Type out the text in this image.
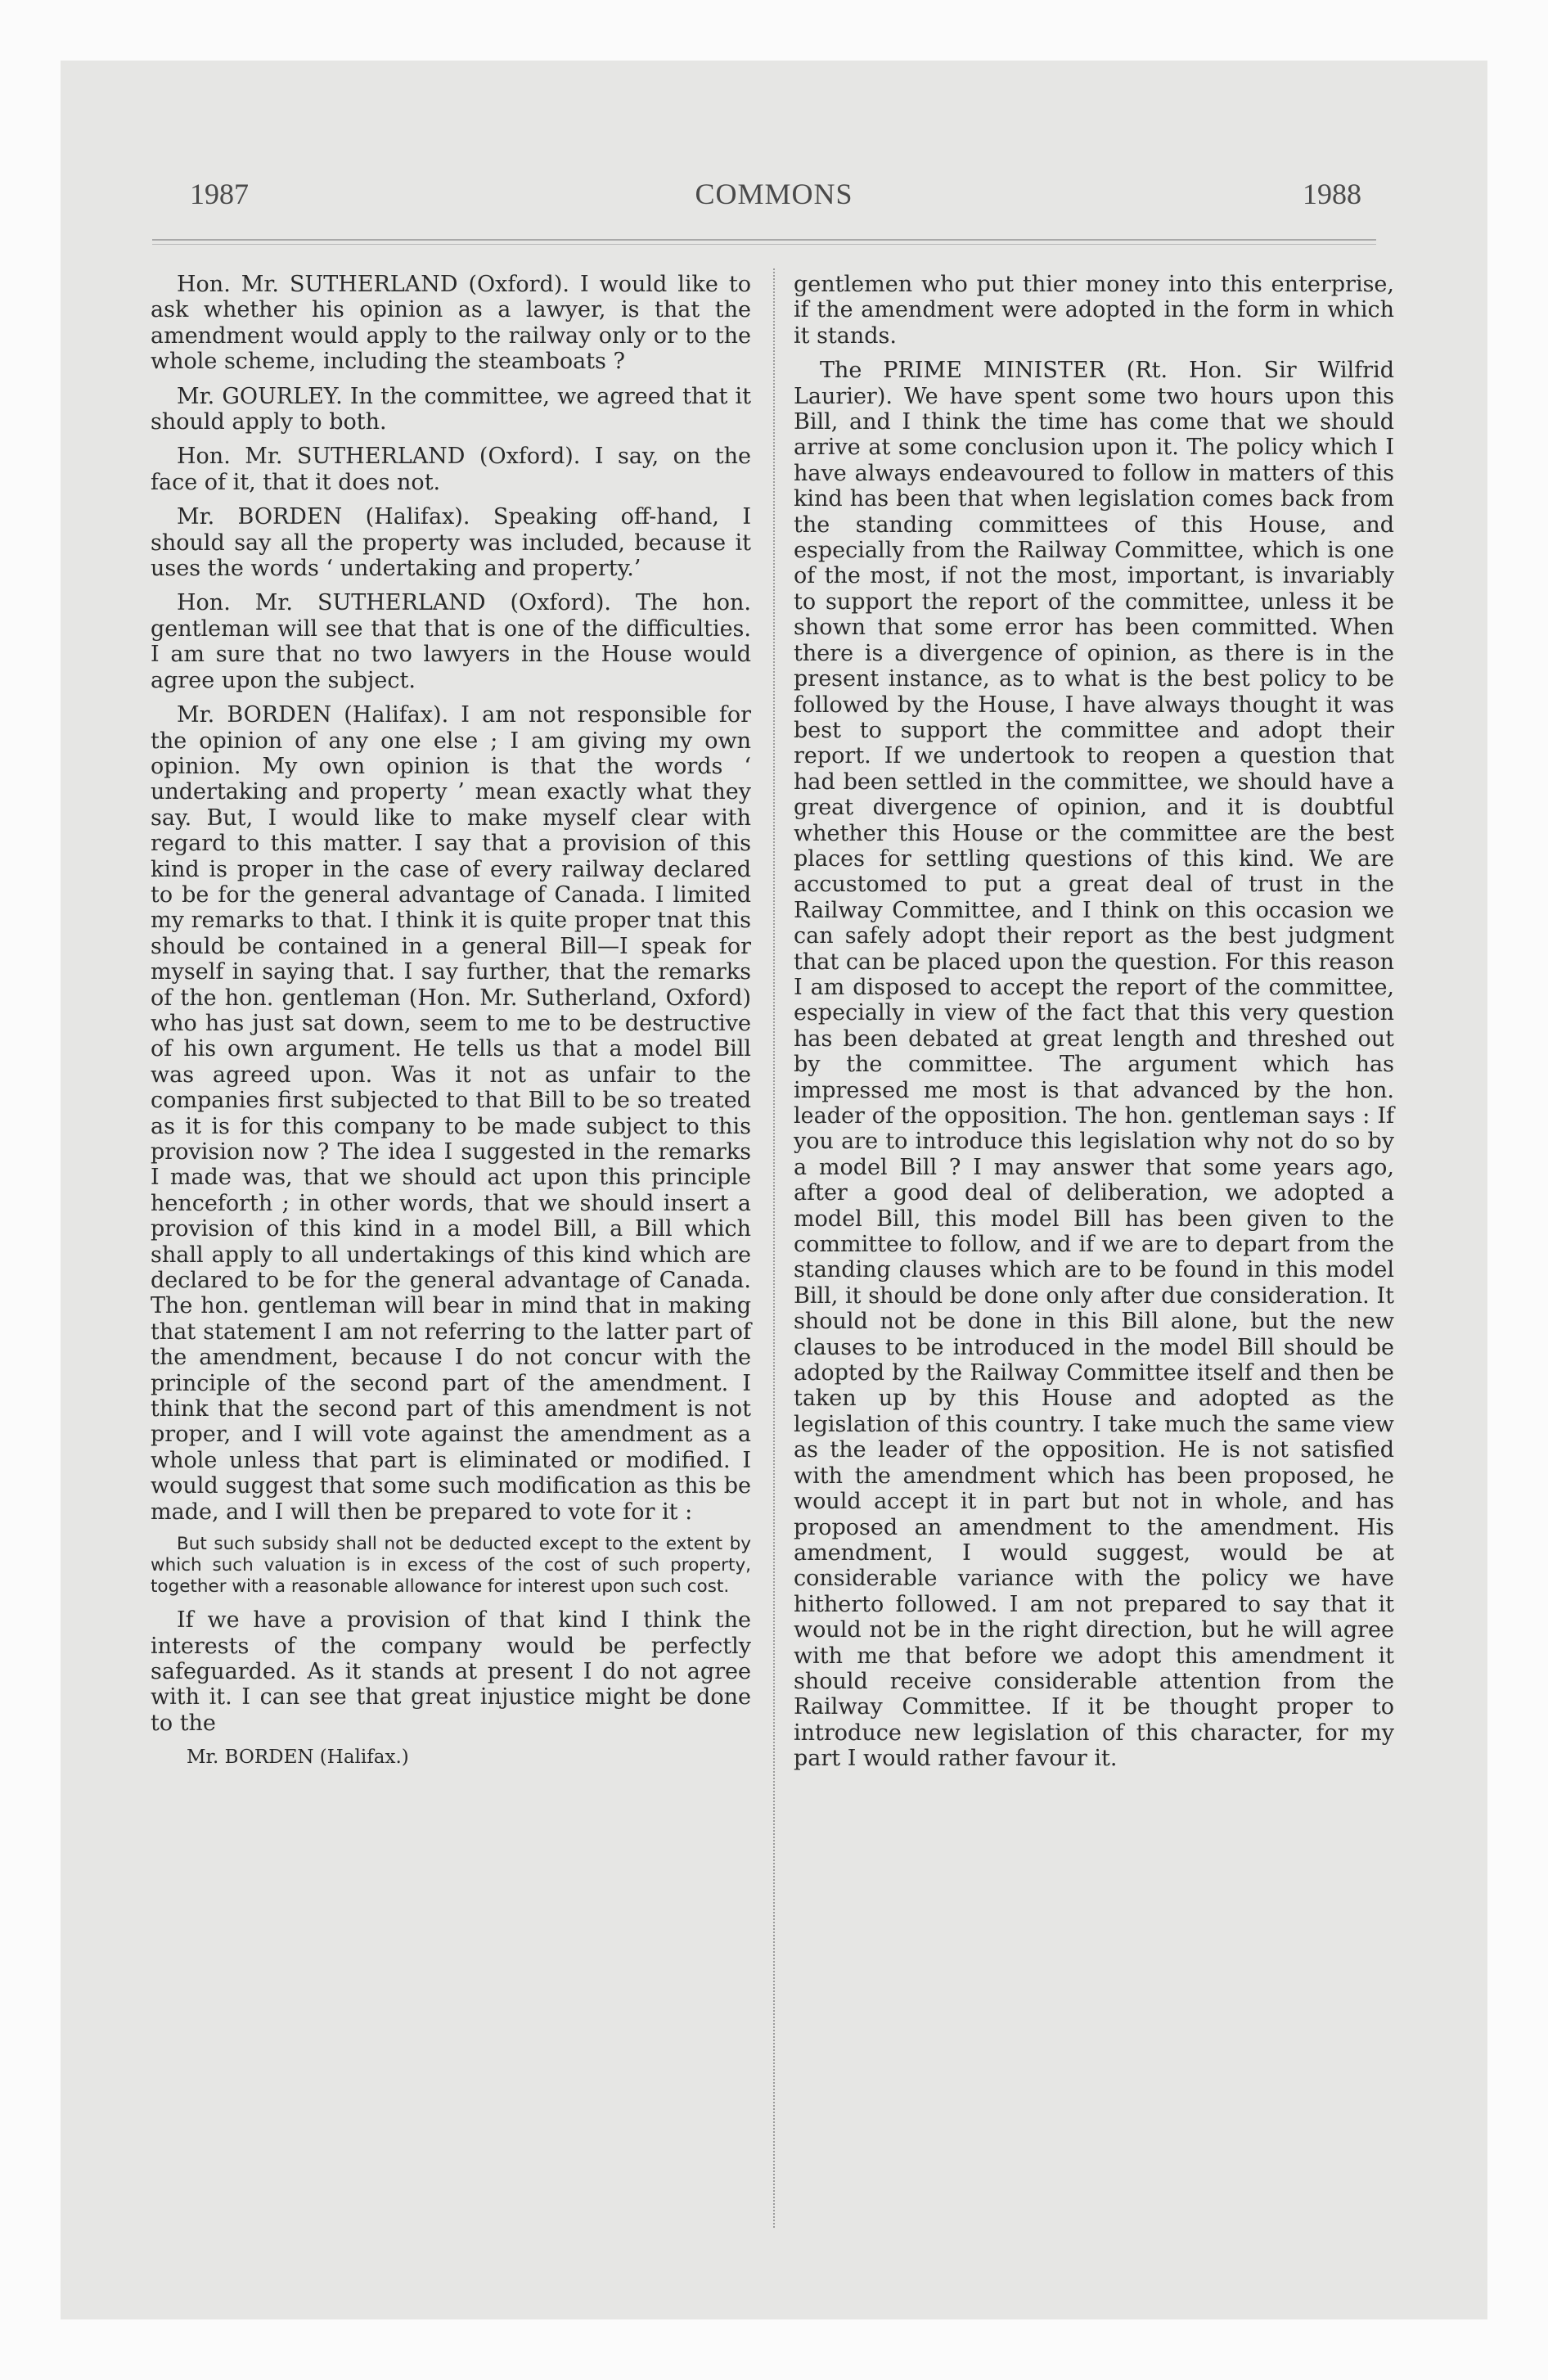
1987	COMMONS	1988

Hon. Mr. SUTHERLAND (Oxford). I would like to ask whether his opinion as a lawyer, is that the amendment would apply to the railway only or to the whole scheme, including the steamboats ?

Mr. GOURLEY. In the committee, we agreed that it should apply to both.

Hon. Mr. SUTHERLAND (Oxford). I say, on the face of it, that it does not.

Mr. BORDEN (Halifax). Speaking off-hand, I should say all the property was included, because it uses the words ‘ undertaking and property.’

Hon. Mr. SUTHERLAND (Oxford). The hon. gentleman will see that that is one of the difficulties. I am sure that no two lawyers in the House would agree upon the subject.

Mr. BORDEN (Halifax). I am not responsible for the opinion of any one else ; I am giving my own opinion. My own opinion is that the words ‘ undertaking and property ’ mean exactly what they say. But, I would like to make myself clear with regard to this matter. I say that a provision of this kind is proper in the case of every railway declared to be for the general advantage of Canada. I limited my remarks to that. I think it is quite proper tnat this should be contained in a general Bill—I speak for myself in saying that. I say further, that the remarks of the hon. gentleman (Hon. Mr. Sutherland, Oxford) who has just sat down, seem to me to be destructive of his own argument. He tells us that a model Bill was agreed upon. Was it not as unfair to the companies first subjected to that Bill to be so treated as it is for this company to be made subject to this provision now ? The idea I suggested in the remarks I made was, that we should act upon this principle henceforth ; in other words, that we should insert a provision of this kind in a model Bill, a Bill which shall apply to all undertakings of this kind which are declared to be for the general advantage of Canada. The hon. gentleman will bear in mind that in making that statement I am not referring to the latter part of the amendment, because I do not concur with the principle of the second part of the amendment. I think that the second part of this amendment is not proper, and I will vote against the amendment as a whole unless that part is eliminated or modified. I would suggest that some such modification as this be made, and I will then be prepared to vote for it :

But such subsidy shall not be deducted except to the extent by which such valuation is in excess of the cost of such property, together with a reasonable allowance for interest upon such cost.

If we have a provision of that kind I think the interests of the company would be perfectly safeguarded. As it stands at present I do not agree with it. I can see that great injustice might be done to the

Mr. BORDEN (Halifax.)

gentlemen who put thier money into this enterprise, if the amendment were adopted in the form in which it stands.

The PRIME MINISTER (Rt. Hon. Sir Wilfrid Laurier). We have spent some two hours upon this Bill, and I think the time has come that we should arrive at some conclusion upon it. The policy which I have always endeavoured to follow in matters of this kind has been that when legislation comes back from the standing committees of this House, and especially from the Railway Committee, which is one of the most, if not the most, important, is invariably to support the report of the committee, unless it be shown that some error has been committed. When there is a divergence of opinion, as there is in the present instance, as to what is the best policy to be followed by the House, I have always thought it was best to support the committee and adopt their report. If we undertook to reopen a question that had been settled in the committee, we should have a great divergence of opinion, and it is doubtful whether this House or the committee are the best places for settling questions of this kind. We are accustomed to put a great deal of trust in the Railway Committee, and I think on this occasion we can safely adopt their report as the best judgment that can be placed upon the question. For this reason I am disposed to accept the report of the committee, especially in view of the fact that this very question has been debated at great length and threshed out by the committee. The argument which has impressed me most is that advanced by the hon. leader of the opposition. The hon. gentleman says : If you are to introduce this legislation why not do so by a model Bill ? I may answer that some years ago, after a good deal of deliberation, we adopted a model Bill, this model Bill has been given to the committee to follow, and if we are to depart from the standing clauses which are to be found in this model Bill, it should be done only after due consideration. It should not be done in this Bill alone, but the new clauses to be introduced in the model Bill should be adopted by the Railway Committee itself and then be taken up by this House and adopted as the legislation of this country. I take much the same view as the leader of the opposition. He is not satisfied with the amendment which has been proposed, he would accept it in part but not in whole, and has proposed an amendment to the amendment. His amendment, I would suggest, would be at considerable variance with the policy we have hitherto followed. I am not prepared to say that it would not be in the right direction, but he will agree with me that before we adopt this amendment it should receive considerable attention from the Railway Committee. If it be thought proper to introduce new legislation of this character, for my part I would rather favour it.
